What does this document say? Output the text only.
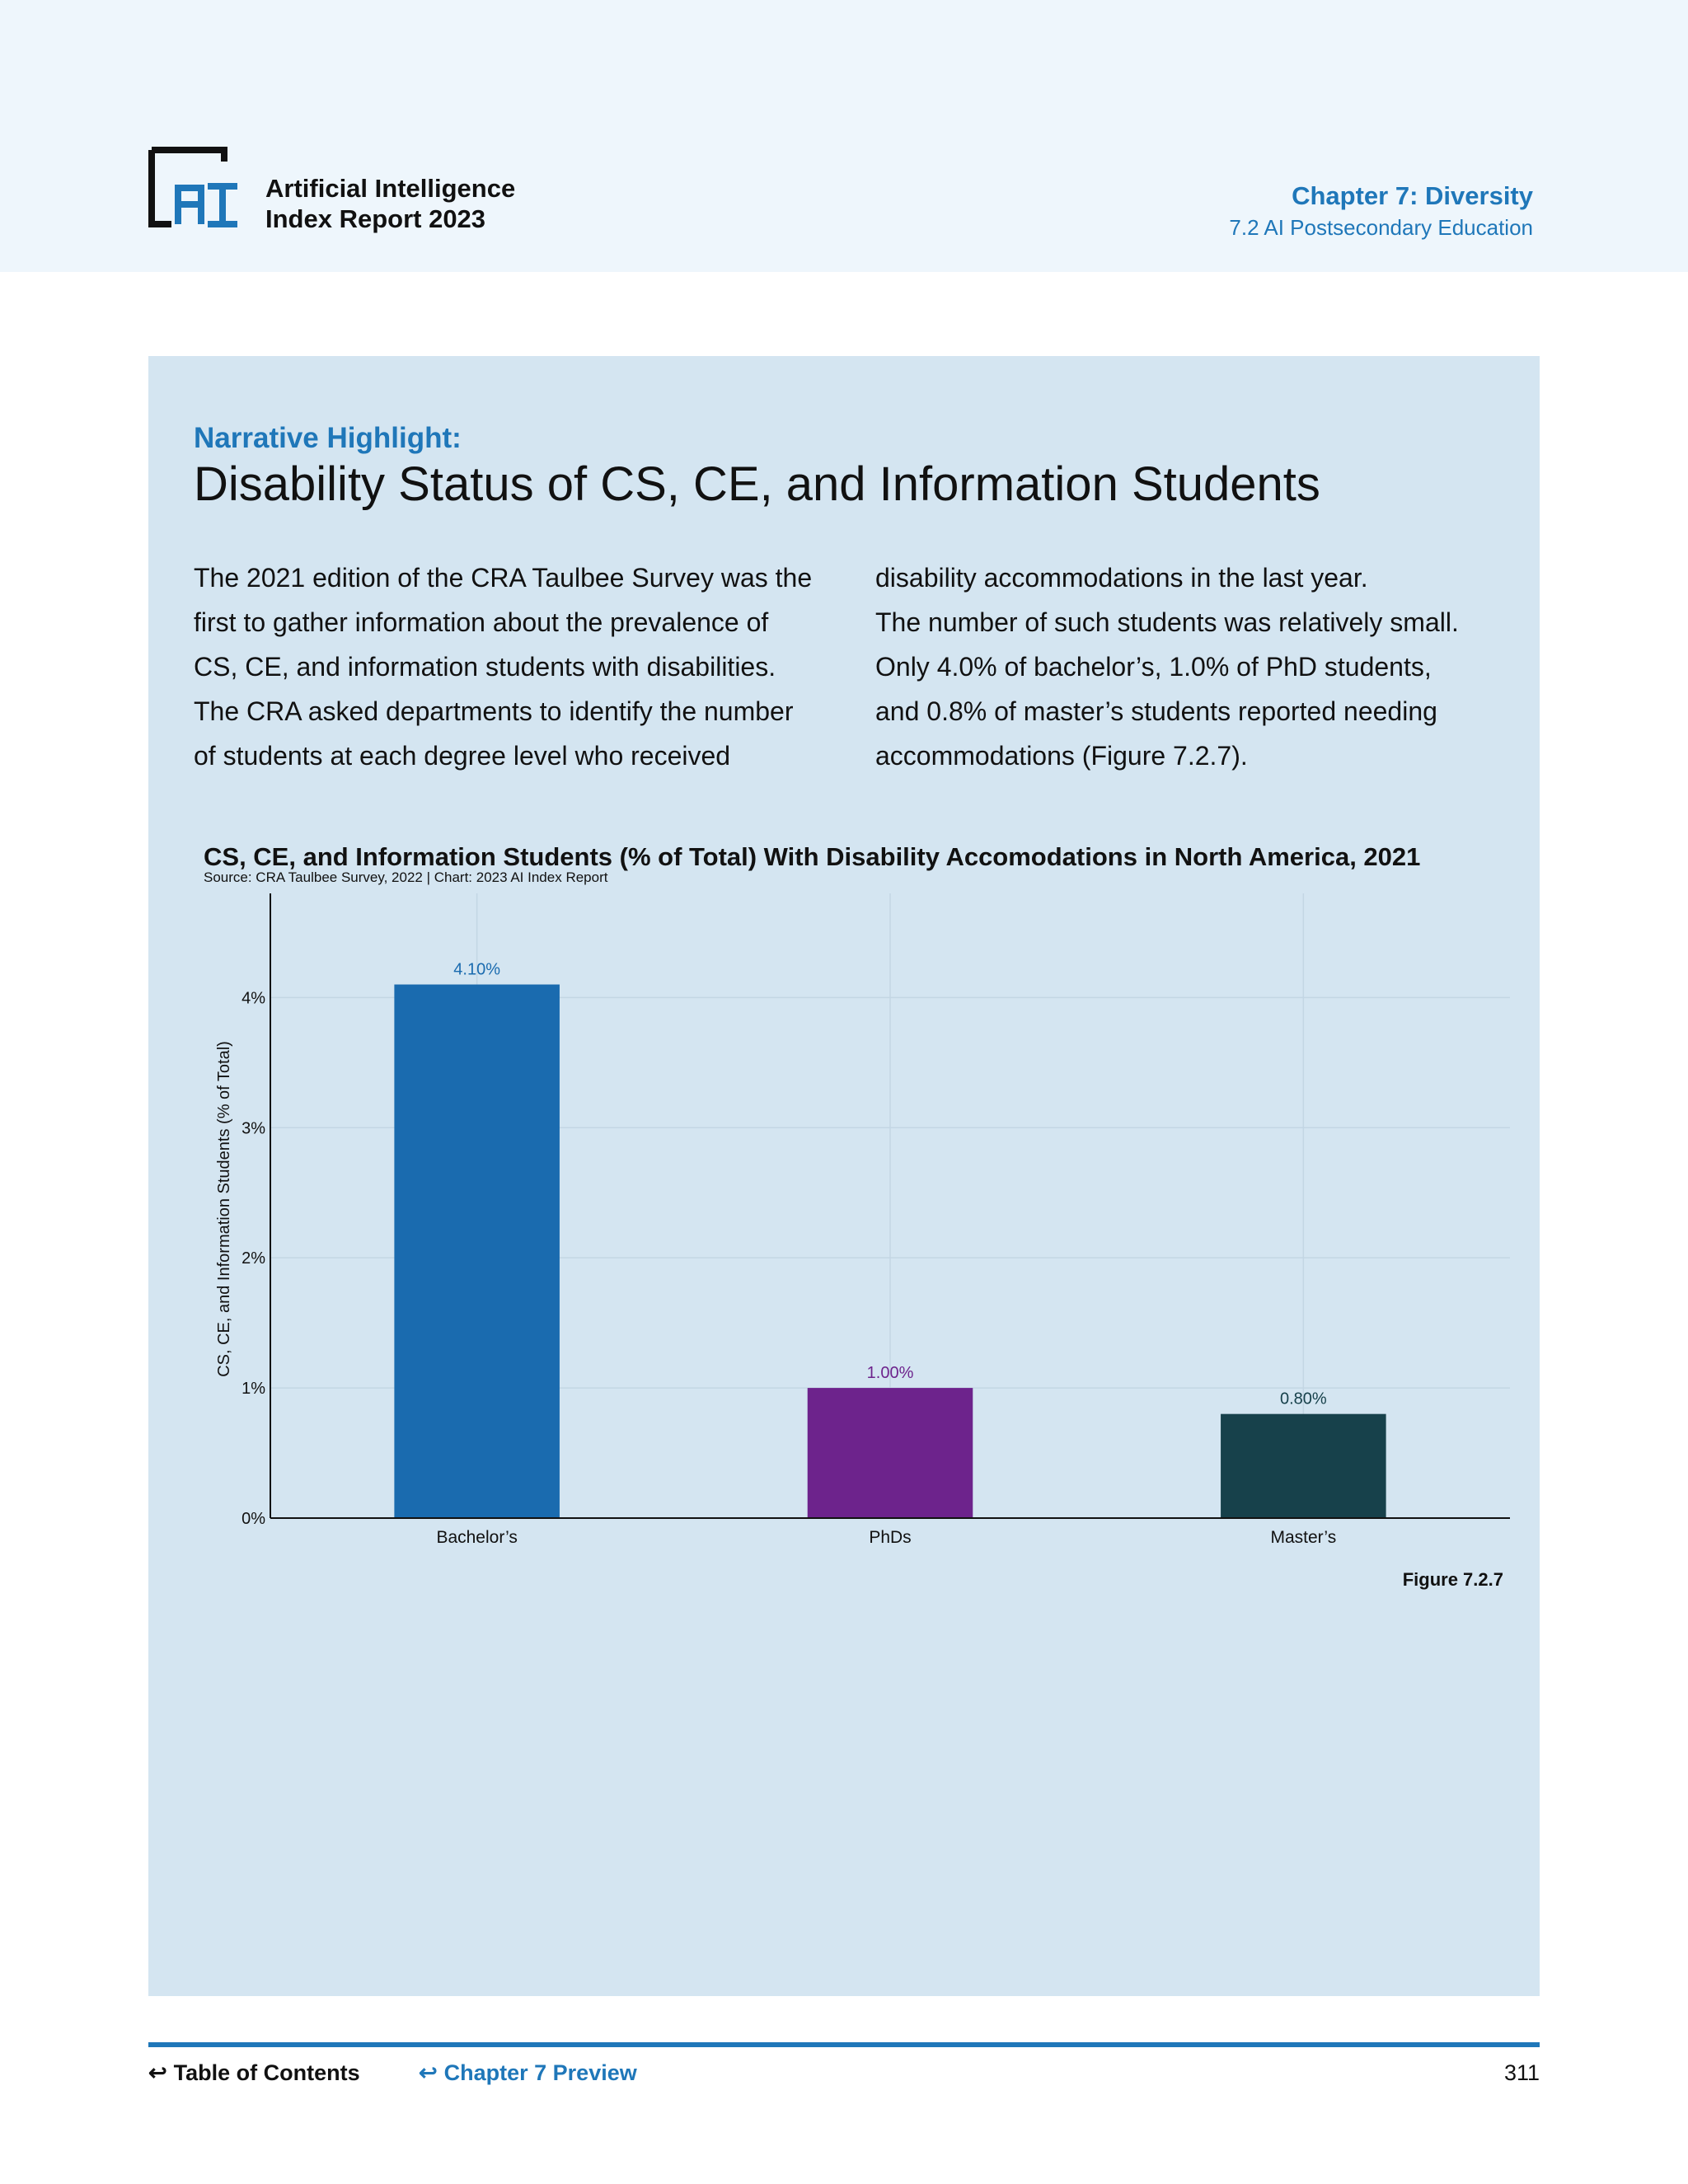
Artificial Intelligence
Index Report 2023
Chapter 7: Diversity
7.2 AI Postsecondary Education
Narrative Highlight:
Disability Status of CS, CE, and Information Students
The 2021 edition of the CRA Taulbee Survey was the
first to gather information about the prevalence of
CS, CE, and information students with disabilities.
The CRA asked departments to identify the number
of students at each degree level who received
disability accommodations in the last year.
The number of such students was relatively small.
Only 4.0% of bachelor’s, 1.0% of PhD students,
and 0.8% of master’s students reported needing
accommodations (Figure 7.2.7).
CS, CE, and Information Students (% of Total) With Disability Accomodations in North America, 2021
Source: CRA Taulbee Survey, 2022 | Chart: 2023 AI Index Report
CS, CE, and Information Students (% of Total)
0%
1%
2%
3%
4%
4.10%
Bachelor’s
1.00%
PhDs
0.80%
Master’s
Figure 7.2.7
↩ Table of Contents	↩ Chapter 7 Preview	311
